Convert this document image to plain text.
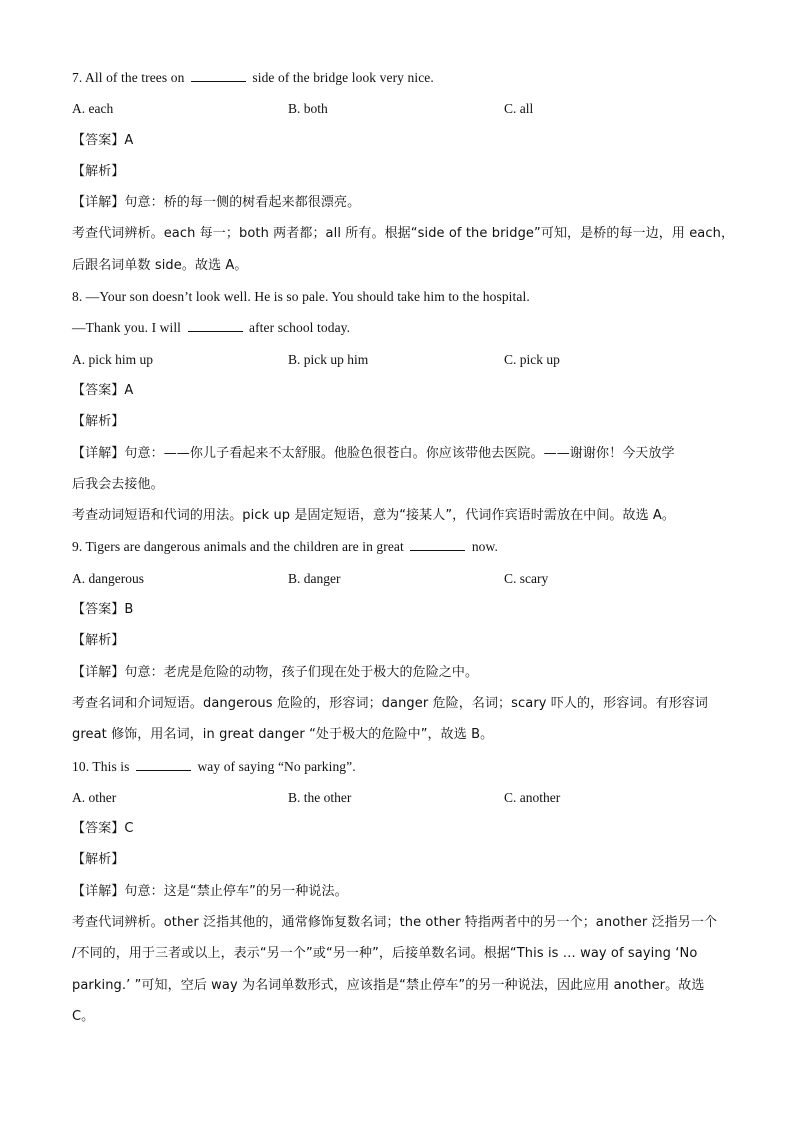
7. All of the trees on	side of the bridge look very nice.
A. each	B. both	C. all
【答案】A
【解析】
【详解】句意：桥的每一侧的树看起来都很漂亮。
考查代词辨析。each 每一；both 两者都；all 所有。根据“side of the bridge”可知，是桥的每一边，用 each，
后跟名词单数 side。故选 A。
8. —Your son doesn’t look well. He is so pale. You should take him to the hospital.
—Thank you. I will	after school today.
A. pick him up	B. pick up him	C. pick up
【答案】A
【解析】
【详解】句意：——你儿子看起来不太舒服。他脸色很苍白。你应该带他去医院。——谢谢你！今天放学
后我会去接他。
考查动词短语和代词的用法。pick up 是固定短语，意为“接某人”，代词作宾语时需放在中间。故选 A。
9. Tigers are dangerous animals and the children are in great	now.
A. dangerous	B. danger	C. scary
【答案】B
【解析】
【详解】句意：老虎是危险的动物，孩子们现在处于极大的危险之中。
考查名词和介词短语。dangerous 危险的，形容词；danger 危险，名词；scary 吓人的，形容词。有形容词
great 修饰，用名词，in great danger “处于极大的危险中”，故选 B。
10. This is	way of saying “No parking”.
A. other	B. the other	C. another
【答案】C
【解析】
【详解】句意：这是“禁止停车”的另一种说法。
考查代词辨析。other 泛指其他的，通常修饰复数名词；the other 特指两者中的另一个；another 泛指另一个
/不同的，用于三者或以上，表示“另一个”或“另一种”，后接单数名词。根据“This is … way of saying ‘No
parking.’ ”可知，空后 way 为名词单数形式，应该指是“禁止停车”的另一种说法，因此应用 another。故选
C。
